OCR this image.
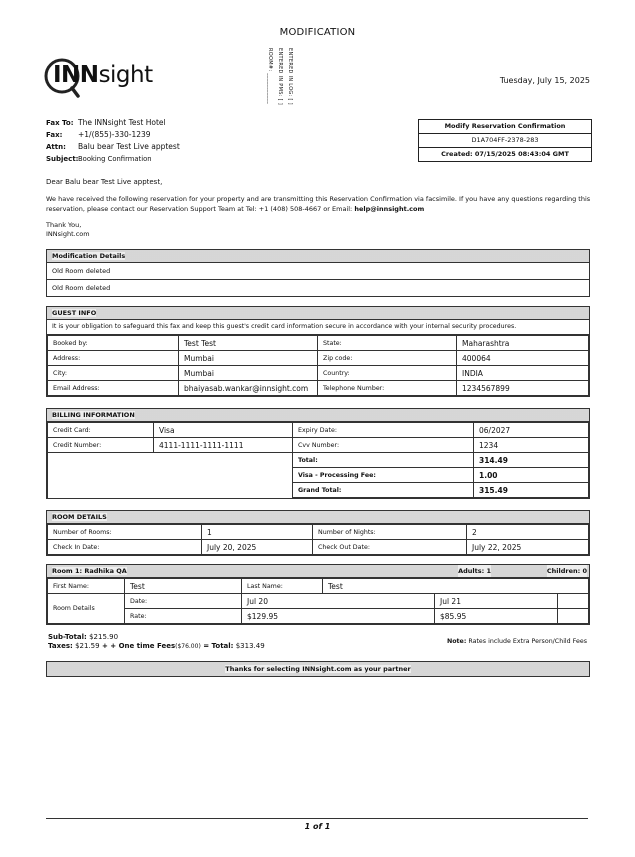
MODIFICATION
INNsight	ENTERED IN LOG: [ ]
ENTERED IN PMS: [ ]
ROOM#: ___________	Tuesday, July 15, 2025
Fax To: The INNsight Test Hotel
Fax: +1/(855)-330-1239
Attn: Balu bear Test Live apptest
Subject:Booking Confirmation
Modify Reservation Confirmation
D1A704FF-2378-283
Created: 07/15/2025 08:43:04 GMT
Dear Balu bear Test Live apptest,
We have received the following reservation for your property and are transmitting this Reservation Confirmation via facsimile. If you have any questions regarding this reservation, please contact our Reservation Support Team at Tel: +1 (408) 508-4667 or Email: help@innsight.com
Thank You,
INNsight.com
Modification Details
Old Room deleted
Old Room deleted
GUEST INFO
It is your obligation to safeguard this fax and keep this guest's credit card information secure in accordance with your internal security procedures.
Booked by:	Test Test	State:	Maharashtra
Address:	Mumbai	Zip code:	400064
City:	Mumbai	Country:	INDIA
Email Address:	bhaiyasab.wankar@innsight.com	Telephone Number:	1234567899
BILLING INFORMATION
Credit Card:	Visa	Expiry Date:	06/2027
Credit Number:	4111-1111-1111-1111	Cvv Number:	1234
		Total:	314.49
		Visa - Processing Fee:	1.00
		Grand Total:	315.49
ROOM DETAILS
Number of Rooms:	1	Number of Nights:	2
Check In Date:	July 20, 2025	Check Out Date:	July 22, 2025
Room 1: Radhika QA	Adults: 1	Children: 0
First Name:	Test	Last Name:	Test		
Room Details	Date:	Jul 20		Jul 21	
	Rate:	$129.95		$85.95	
Sub-Total: $215.90
Taxes: $21.59 + + One time Fees($76.00) = Total: $313.49
Note: Rates include Extra Person/Child Fees
Thanks for selecting INNsight.com as your partner
1 of 1
